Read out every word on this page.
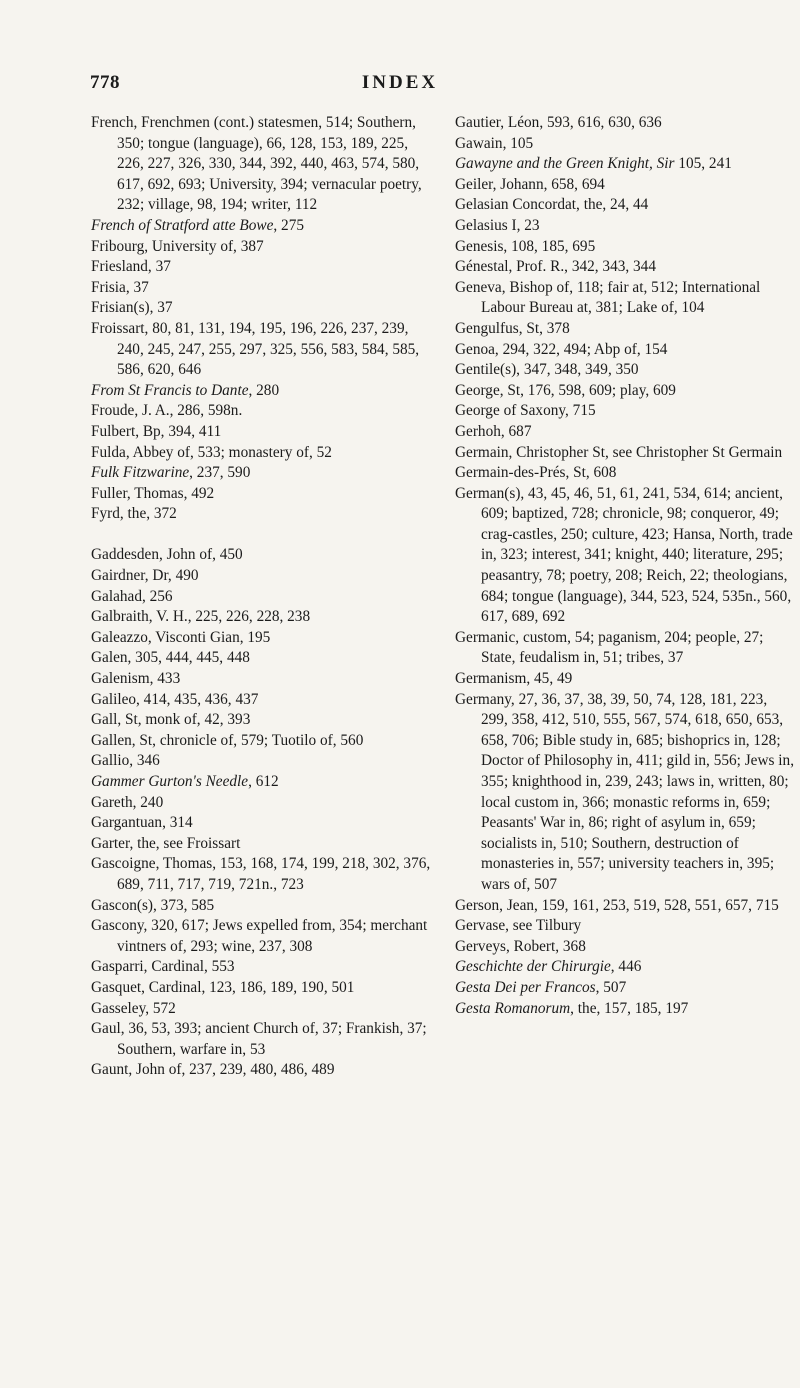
778	INDEX

French, Frenchmen (cont.) statesmen, 514; Southern, 350; tongue (language), 66, 128, 153, 189, 225, 226, 227, 326, 330, 344, 392, 440, 463, 574, 580, 617, 692, 693; University, 394; vernacular poetry, 232; village, 98, 194; writer, 112

French of Stratford atte Bowe, 275

Fribourg, University of, 387

Friesland, 37

Frisia, 37

Frisian(s), 37

Froissart, 80, 81, 131, 194, 195, 196, 226, 237, 239, 240, 245, 247, 255, 297, 325, 556, 583, 584, 585, 586, 620, 646

From St Francis to Dante, 280

Froude, J. A., 286, 598n.

Fulbert, Bp, 394, 411

Fulda, Abbey of, 533; monastery of, 52

Fulk Fitzwarine, 237, 590

Fuller, Thomas, 492

Fyrd, the, 372

Gaddesden, John of, 450

Gairdner, Dr, 490

Galahad, 256

Galbraith, V. H., 225, 226, 228, 238

Galeazzo, Visconti Gian, 195

Galen, 305, 444, 445, 448

Galenism, 433

Galileo, 414, 435, 436, 437

Gall, St, monk of, 42, 393

Gallen, St, chronicle of, 579; Tuotilo of, 560

Gallio, 346

Gammer Gurton's Needle, 612

Gareth, 240

Gargantuan, 314

Garter, the, see Froissart

Gascoigne, Thomas, 153, 168, 174, 199, 218, 302, 376, 689, 711, 717, 719, 721n., 723

Gascon(s), 373, 585

Gascony, 320, 617; Jews expelled from, 354; merchant vintners of, 293; wine, 237, 308

Gasparri, Cardinal, 553

Gasquet, Cardinal, 123, 186, 189, 190, 501

Gasseley, 572

Gaul, 36, 53, 393; ancient Church of, 37; Frankish, 37; Southern, warfare in, 53

Gaunt, John of, 237, 239, 480, 486, 489

Gautier, Léon, 593, 616, 630, 636

Gawain, 105

Gawayne and the Green Knight, Sir 105, 241

Geiler, Johann, 658, 694

Gelasian Concordat, the, 24, 44

Gelasius I, 23

Genesis, 108, 185, 695

Génestal, Prof. R., 342, 343, 344

Geneva, Bishop of, 118; fair at, 512; International Labour Bureau at, 381; Lake of, 104

Gengulfus, St, 378

Genoa, 294, 322, 494; Abp of, 154

Gentile(s), 347, 348, 349, 350

George, St, 176, 598, 609; play, 609

George of Saxony, 715

Gerhoh, 687

Germain, Christopher St, see Christopher St Germain

Germain-des-Prés, St, 608

German(s), 43, 45, 46, 51, 61, 241, 534, 614; ancient, 609; baptized, 728; chronicle, 98; conqueror, 49; crag-castles, 250; culture, 423; Hansa, North, trade in, 323; interest, 341; knight, 440; literature, 295; peasantry, 78; poetry, 208; Reich, 22; theologians, 684; tongue (language), 344, 523, 524, 535n., 560, 617, 689, 692

Germanic, custom, 54; paganism, 204; people, 27; State, feudalism in, 51; tribes, 37

Germanism, 45, 49

Germany, 27, 36, 37, 38, 39, 50, 74, 128, 181, 223, 299, 358, 412, 510, 555, 567, 574, 618, 650, 653, 658, 706; Bible study in, 685; bishoprics in, 128; Doctor of Philosophy in, 411; gild in, 556; Jews in, 355; knighthood in, 239, 243; laws in, written, 80; local custom in, 366; monastic reforms in, 659; Peasants' War in, 86; right of asylum in, 659; socialists in, 510; Southern, destruction of monasteries in, 557; university teachers in, 395; wars of, 507

Gerson, Jean, 159, 161, 253, 519, 528, 551, 657, 715

Gervase, see Tilbury

Gerveys, Robert, 368

Geschichte der Chirurgie, 446

Gesta Dei per Francos, 507

Gesta Romanorum, the, 157, 185, 197
